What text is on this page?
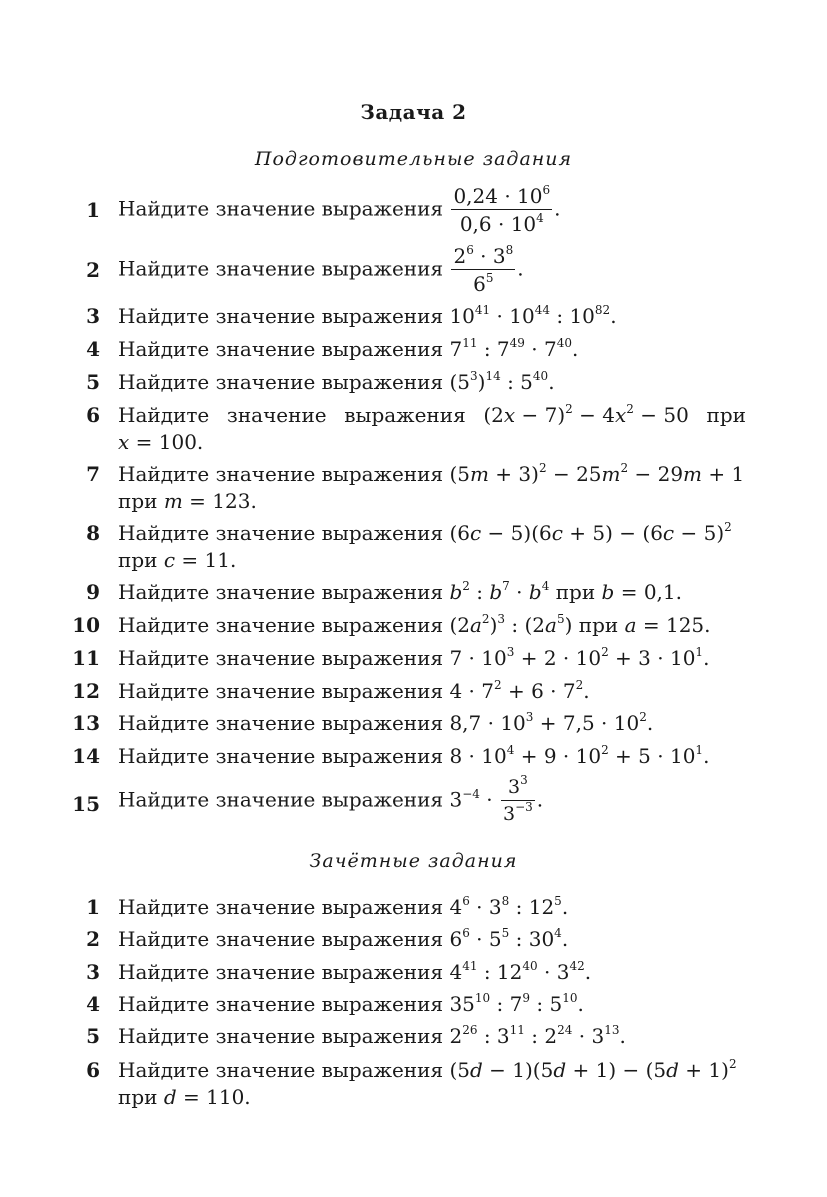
Задача 2
Подготовительные задания
1 Найдите значение выражения $\frac{0,24 \cdot 10^6}{0,6 \cdot 10^4}$ .
2 Найдите значение выражения $\frac{2^6 \cdot 3^8}{6^5}$ .
3 Найдите значение выражения $10^{41} \cdot 10^{44}$ : $10^{82}$.
4 Найдите значение выражения $7^{11}$ : $7^{49} \cdot 7^{40}$.
5 Найдите значение выражения $(5^3)^{14}$ : $5^{40}$.
6 Найдите значение выражения $(2x - 7)^2 - 4x^2 - 50$ при
x = 100.
7 Найдите значение выражения $(5m + 3)^2 - 25m^2 - 29m + 1$
при m = 123.
8 Найдите значение выражения $(6c - 5)(6c + 5) - (6c - 5)^2$
при c = 11.
9 Найдите значение выражения $b^2$ : $b^7 \cdot b^4$ при b = 0,1.
10 Найдите значение выражения $(2a^2)^3$ : $(2a^5)$ при a = 125.
11 Найдите значение выражения $7 \cdot 10^3 + 2 \cdot 10^2 + 3 \cdot 10^1$.
12 Найдите значение выражения $4 \cdot 7^2 + 6 \cdot 7^2$.
13 Найдите значение выражения $8,7 \cdot 10^3 + 7,5 \cdot 10^2$.
14 Найдите значение выражения $8 \cdot 10^4 + 9 \cdot 10^2 + 5 \cdot 10^1$.
15 Найдите значение выражения $3^{-4} \cdot \frac{3^3}{3^{-3}}$ .
Зачётные задания
1 Найдите значение выражения $4^6 \cdot 3^8$ : $12^5$.
2 Найдите значение выражения $6^6 \cdot 5^5$ : $30^4$.
3 Найдите значение выражения $4^{41}$ : $12^{40} \cdot 3^{42}$.
4 Найдите значение выражения $35^{10}$ : $7^9$ : $5^{10}$.
5 Найдите значение выражения $2^{26}$ : $3^{11}$ : $2^{24} \cdot 3^{13}$.
6 Найдите значение выражения $(5d - 1)(5d + 1) - (5d + 1)^2$
при d = 110.
